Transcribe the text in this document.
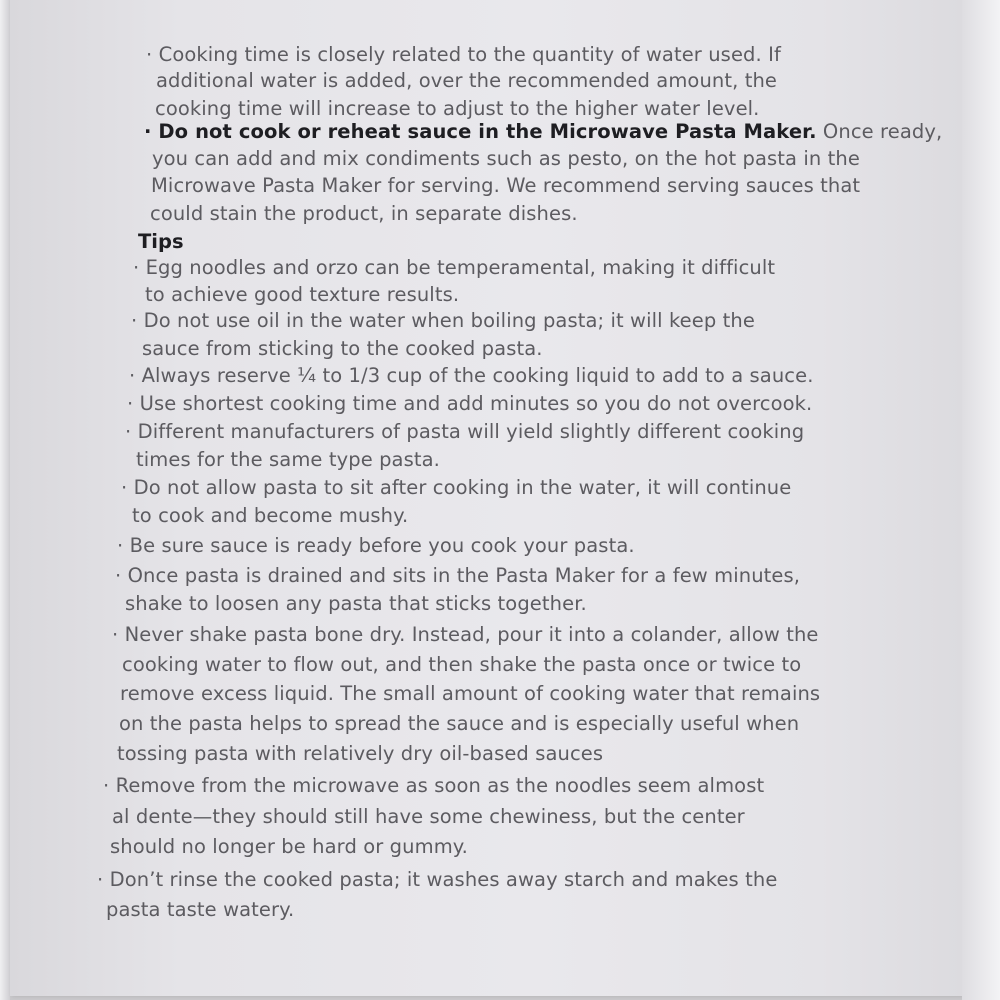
· Cooking time is closely related to the quantity of water used. If
additional water is added, over the recommended amount, the
cooking time will increase to adjust to the higher water level.
· Do not cook or reheat sauce in the Microwave Pasta Maker. Once ready,
you can add and mix condiments such as pesto, on the hot pasta in the
Microwave Pasta Maker for serving. We recommend serving sauces that
could stain the product, in separate dishes.
Tips
· Egg noodles and orzo can be temperamental, making it difficult
to achieve good texture results.
· Do not use oil in the water when boiling pasta; it will keep the
sauce from sticking to the cooked pasta.
· Always reserve ¼ to 1/3 cup of the cooking liquid to add to a sauce.
· Use shortest cooking time and add minutes so you do not overcook.
· Different manufacturers of pasta will yield slightly different cooking
times for the same type pasta.
· Do not allow pasta to sit after cooking in the water, it will continue
to cook and become mushy.
· Be sure sauce is ready before you cook your pasta.
· Once pasta is drained and sits in the Pasta Maker for a few minutes,
shake to loosen any pasta that sticks together.
· Never shake pasta bone dry. Instead, pour it into a colander, allow the
cooking water to flow out, and then shake the pasta once or twice to
remove excess liquid. The small amount of cooking water that remains
on the pasta helps to spread the sauce and is especially useful when
tossing pasta with relatively dry oil-based sauces
· Remove from the microwave as soon as the noodles seem almost
al dente—they should still have some chewiness, but the center
should no longer be hard or gummy.
· Don’t rinse the cooked pasta; it washes away starch and makes the
pasta taste watery.
